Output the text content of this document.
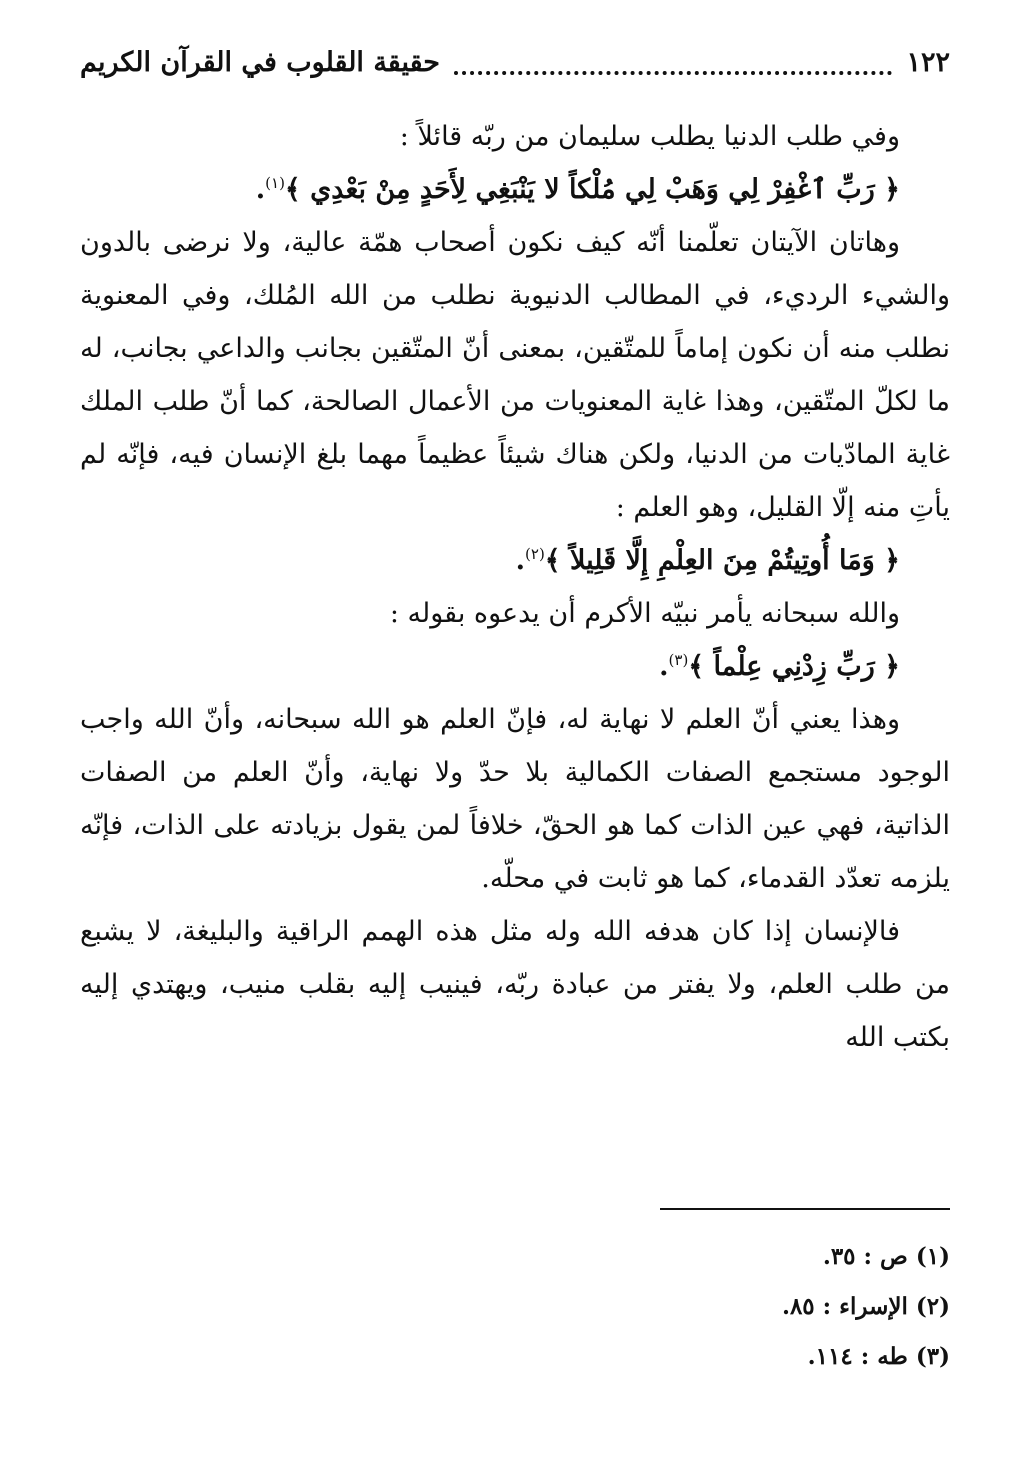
١٢٢
حقيقة القلوب في القرآن الكريم

وفي طلب الدنيا يطلب سليمان من ربّه قائلاً :

﴿ رَبِّ ٱغْفِرْ لِي وَهَبْ لِي مُلْكاً لا يَنْبَغِي لِأَحَدٍ مِنْ بَعْدِي ﴾$^{(١)}$.

وهاتان الآيتان تعلّمنا أنّه كيف نكون أصحاب همّة عالية، ولا نرضى بالدون والشيء الرديء، في المطالب الدنيوية نطلب من الله المُلك، وفي المعنوية نطلب منه أن نكون إماماً للمتّقين، بمعنى أنّ المتّقين بجانب والداعي بجانب، له ما لكلّ المتّقين، وهذا غاية المعنويات من الأعمال الصالحة، كما أنّ طلب الملك غاية المادّيات من الدنيا، ولكن هناك شيئاً عظيماً مهما بلغ الإنسان فيه، فإنّه لم يأتِ منه إلّا القليل، وهو العلم :

﴿ وَمَا أُوتِيتُمْ مِنَ العِلْمِ إِلَّا قَلِيلاً ﴾$^{(٢)}$.

والله سبحانه يأمر نبيّه الأكرم أن يدعوه بقوله :

﴿ رَبِّ زِدْنِي عِلْماً ﴾$^{(٣)}$.

وهذا يعني أنّ العلم لا نهاية له، فإنّ العلم هو الله سبحانه، وأنّ الله واجب الوجود مستجمع الصفات الكمالية بلا حدّ ولا نهاية، وأنّ العلم من الصفات الذاتية، فهي عين الذات كما هو الحقّ، خلافاً لمن يقول بزيادته على الذات، فإنّه يلزمه تعدّد القدماء، كما هو ثابت في محلّه.

فالإنسان إذا كان هدفه الله وله مثل هذه الهمم الراقية والبليغة، لا يشبع من طلب العلم، ولا يفتر من عبادة ربّه، فينيب إليه بقلب منيب، ويهتدي إليه بكتب الله

(١) ص : ٣٥.
(٢) الإسراء : ٨٥.
(٣) طه : ١١٤.
